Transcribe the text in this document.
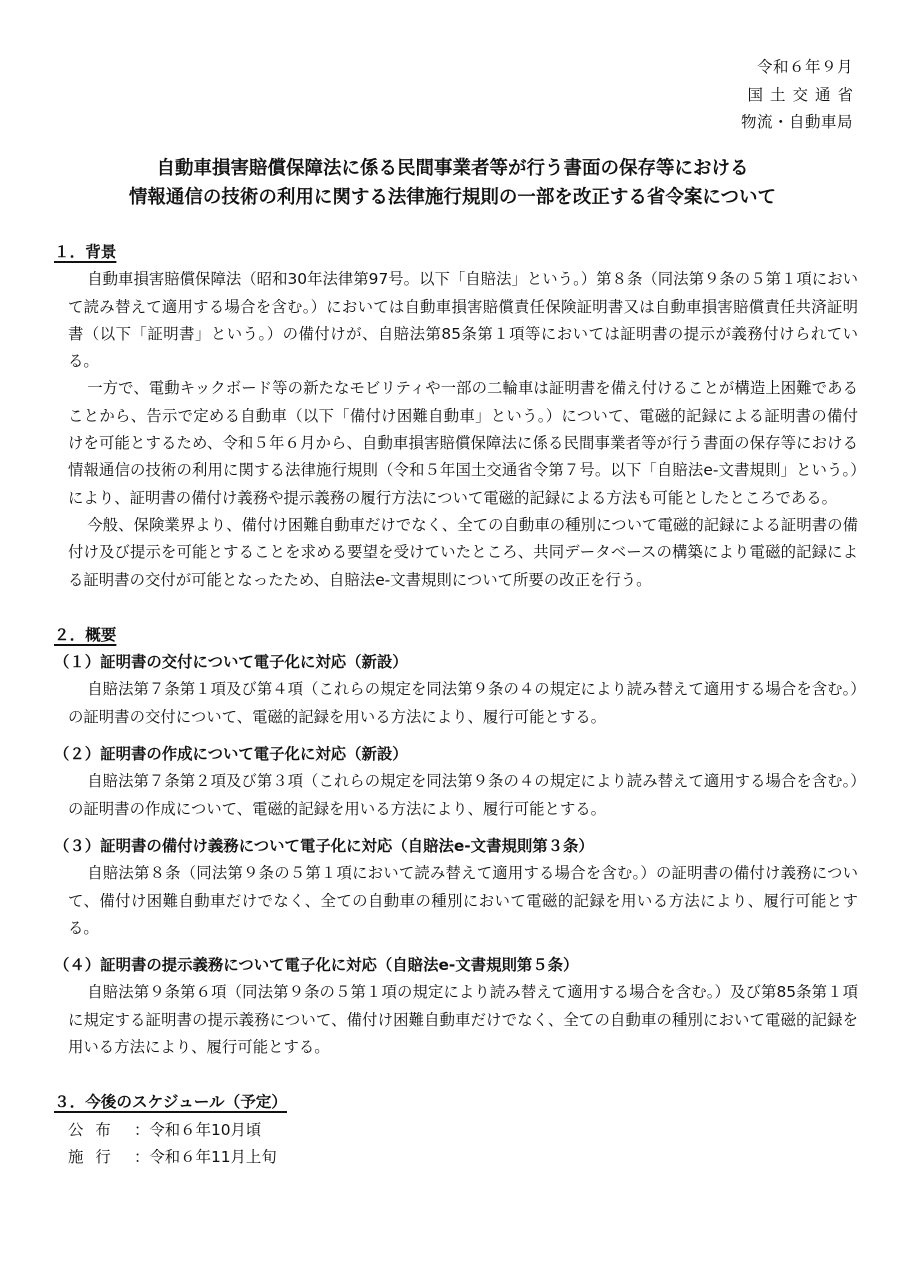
令和６年９月
国土交通省
物流・自動車局
自動車損害賠償保障法に係る民間事業者等が行う書面の保存等における
情報通信の技術の利用に関する法律施行規則の一部を改正する省令案について
１．背景

自動車損害賠償保障法（昭和30年法律第97号。以下「自賠法」という。）第８条（同法第９条の５第１項において読み替えて適用する場合を含む。）においては自動車損害賠償責任保険証明書又は自動車損害賠償責任共済証明書（以下「証明書」という。）の備付けが、自賠法第85条第１項等においては証明書の提示が義務付けられている。

一方で、電動キックボード等の新たなモビリティや一部の二輪車は証明書を備え付けることが構造上困難であることから、告示で定める自動車（以下「備付け困難自動車」という。）について、電磁的記録による証明書の備付けを可能とするため、令和５年６月から、自動車損害賠償保障法に係る民間事業者等が行う書面の保存等における情報通信の技術の利用に関する法律施行規則（令和５年国土交通省令第７号。以下「自賠法e-文書規則」という。）により、証明書の備付け義務や提示義務の履行方法について電磁的記録による方法も可能としたところである。

今般、保険業界より、備付け困難自動車だけでなく、全ての自動車の種別について電磁的記録による証明書の備付け及び提示を可能とすることを求める要望を受けていたところ、共同データベースの構築により電磁的記録による証明書の交付が可能となったため、自賠法e-文書規則について所要の改正を行う。

２．概要
（１）証明書の交付について電子化に対応（新設）

自賠法第７条第１項及び第４項（これらの規定を同法第９条の４の規定により読み替えて適用する場合を含む。）の証明書の交付について、電磁的記録を用いる方法により、履行可能とする。

（２）証明書の作成について電子化に対応（新設）

自賠法第７条第２項及び第３項（これらの規定を同法第９条の４の規定により読み替えて適用する場合を含む。）の証明書の作成について、電磁的記録を用いる方法により、履行可能とする。

（３）証明書の備付け義務について電子化に対応（自賠法e-文書規則第３条）

自賠法第８条（同法第９条の５第１項において読み替えて適用する場合を含む。）の証明書の備付け義務について、備付け困難自動車だけでなく、全ての自動車の種別において電磁的記録を用いる方法により、履行可能とする。

（４）証明書の提示義務について電子化に対応（自賠法e-文書規則第５条）

自賠法第９条第６項（同法第９条の５第１項の規定により読み替えて適用する場合を含む。）及び第85条第１項に規定する証明書の提示義務について、備付け困難自動車だけでなく、全ての自動車の種別において電磁的記録を用いる方法により、履行可能とする。

３．今後のスケジュール（予定）
公布 ：令和６年10月頃
施行 ：令和６年11月上旬
